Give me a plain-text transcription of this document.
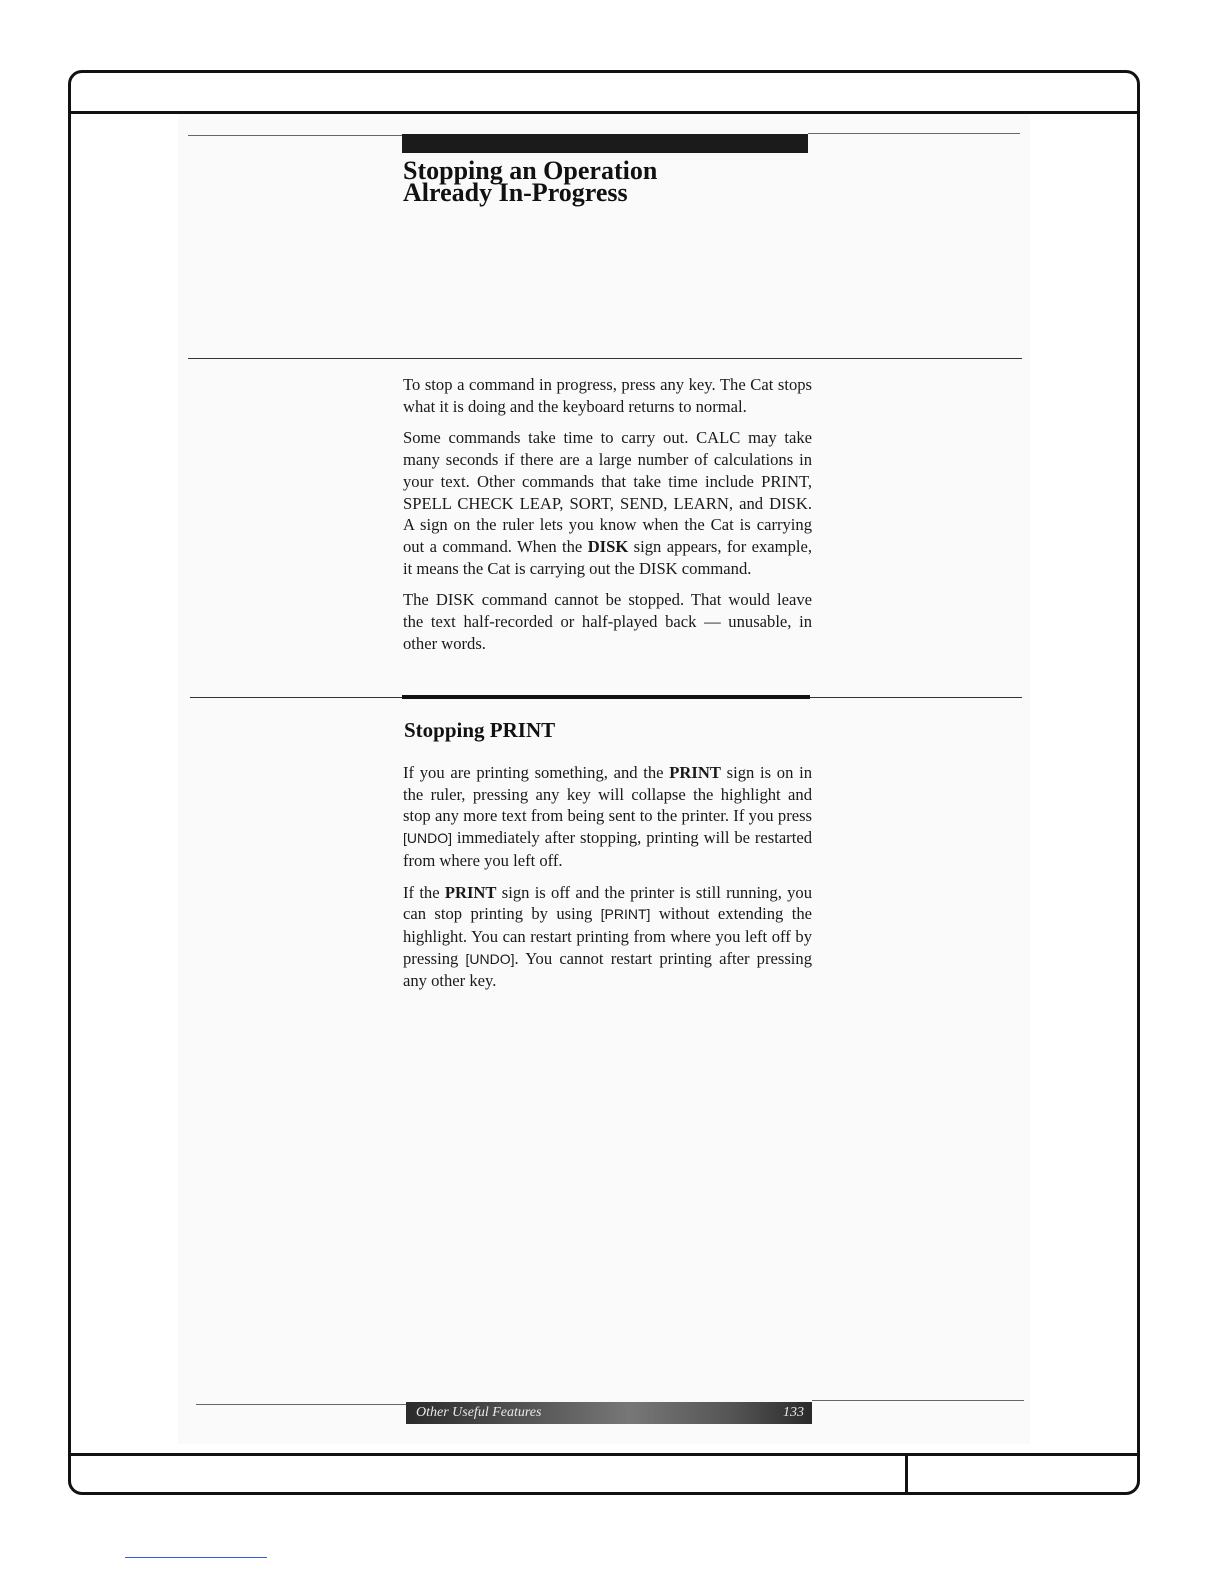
Stopping an Operation
Already In-Progress

To stop a command in progress, press any key. The Cat stops what it is doing and the keyboard returns to normal.

Some commands take time to carry out. CALC may take many seconds if there are a large number of calculations in your text. Other commands that take time include PRINT, SPELL CHECK LEAP, SORT, SEND, LEARN, and DISK. A sign on the ruler lets you know when the Cat is carrying out a command. When the DISK sign appears, for example, it means the Cat is carrying out the DISK command.

The DISK command cannot be stopped. That would leave the text half-recorded or half-played back — unusable, in other words.

Stopping PRINT

If you are printing something, and the PRINT sign is on in the ruler, pressing any key will collapse the highlight and stop any more text from being sent to the printer. If you press [UNDO] immediately after stopping, printing will be restarted from where you left off.

If the PRINT sign is off and the printer is still running, you can stop printing by using [PRINT] without extending the highlight. You can restart printing from where you left off by pressing [UNDO]. You cannot restart printing after pressing any other key.

Other Useful Features	133
